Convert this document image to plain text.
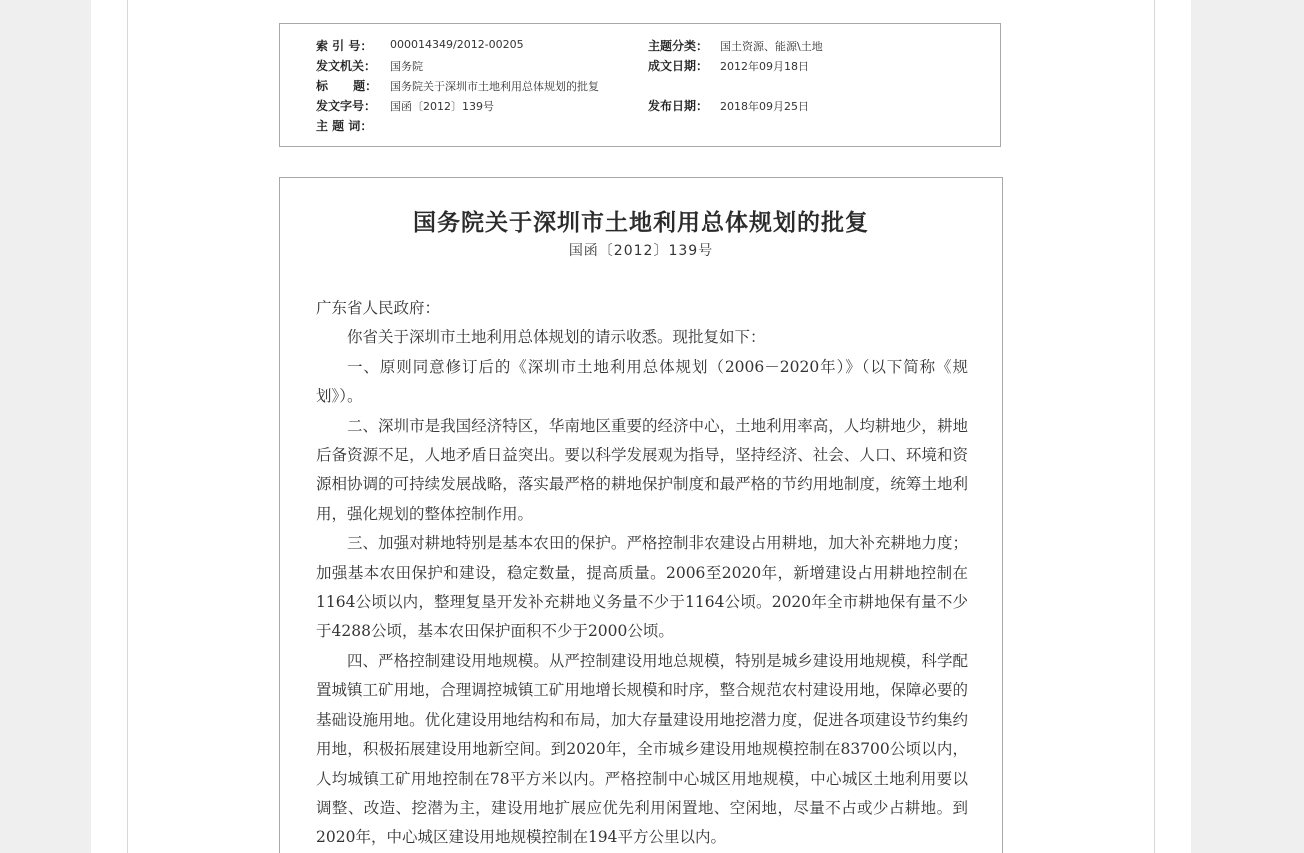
索 引 号： 000014349/2012-00205	主题分类： 国土资源、能源\土地
发文机关： 国务院	成文日期： 2012年09月18日
标      题： 国务院关于深圳市土地利用总体规划的批复
发文字号： 国函〔2012〕139号	发布日期： 2018年09月25日
主 题 词：
国务院关于深圳市土地利用总体规划的批复
国函〔2012〕139号

广东省人民政府：

你省关于深圳市土地利用总体规划的请示收悉。现批复如下：

一、原则同意修订后的《深圳市土地利用总体规划（2006－2020年）》（以下简称《规划》）。

二、深圳市是我国经济特区，华南地区重要的经济中心，土地利用率高，人均耕地少，耕地后备资源不足，人地矛盾日益突出。要以科学发展观为指导，坚持经济、社会、人口、环境和资源相协调的可持续发展战略，落实最严格的耕地保护制度和最严格的节约用地制度，统筹土地利用，强化规划的整体控制作用。

三、加强对耕地特别是基本农田的保护。严格控制非农建设占用耕地，加大补充耕地力度；加强基本农田保护和建设，稳定数量，提高质量。2006至2020年，新增建设占用耕地控制在1164公顷以内，整理复垦开发补充耕地义务量不少于1164公顷。2020年全市耕地保有量不少于4288公顷，基本农田保护面积不少于2000公顷。

四、严格控制建设用地规模。从严控制建设用地总规模，特别是城乡建设用地规模，科学配置城镇工矿用地，合理调控城镇工矿用地增长规模和时序，整合规范农村建设用地，保障必要的基础设施用地。优化建设用地结构和布局，加大存量建设用地挖潜力度，促进各项建设节约集约用地，积极拓展建设用地新空间。到2020年，全市城乡建设用地规模控制在83700公顷以内，人均城镇工矿用地控制在78平方米以内。严格控制中心城区用地规模，中心城区土地利用要以调整、改造、挖潜为主，建设用地扩展应优先利用闲置地、空闲地，尽量不占或少占耕地。到2020年，中心城区建设用地规模控制在194平方公里以内。
